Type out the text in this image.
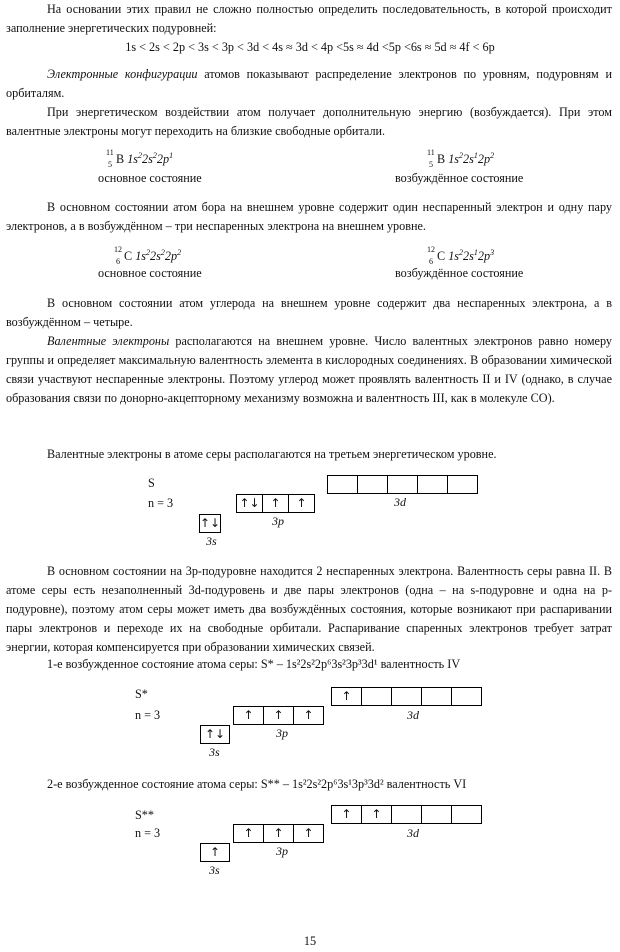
На основании этих правил не сложно полностью определить последовательность, в которой происходит заполнение энергетических подуровней:
1s < 2s < 2p < 3s < 3p < 3d < 4s ≈ 3d < 4p <5s ≈ 4d <5p <6s ≈ 5d ≈ 4f < 6p
Электронные конфигурации атомов показывают распределение электронов по уровням, подуровням и орбиталям.
При энергетическом воздействии атом получает дополнительную энергию (возбуждается). При этом валентные электроны могут переходить на близкие свободные орбитали.
11
5 B $1s^22s^22p^1$
основное состояние
11
5 B $1s^22s^12p^2$
возбуждённое состояние
В основном состоянии атом бора на внешнем уровне содержит один неспаренный электрон и одну пару электронов, а в возбуждённом – три неспаренных электрона на внешнем уровне.
12
6 C $1s^22s^22p^2$
основное состояние
12
6 C $1s^22s^12p^3$
возбуждённое состояние
В основном состоянии атом углерода на внешнем уровне содержит два неспаренных электрона, а в возбуждённом – четыре.
Валентные электроны располагаются на внешнем уровне. Число валентных электронов равно номеру группы и определяет максимальную валентность элемента в кислородных соединениях. В образовании химической связи участвуют неспаренные электроны. Поэтому углерод может проявлять валентность II и IV (однако, в случае образования связи по донорно-акцепторному механизму возможна и валентность III, как в молекуле CO).
Валентные электроны в атоме серы располагаются на третьем энергетическом уровне.
S
n = 3
↑↓
↑↓ ↑	↑
3s
3p
3d
В основном состоянии на 3p-подуровне находится 2 неспаренных электрона. Валентность серы равна II. В атоме серы есть незаполненный 3d-подуровень и две пары электронов (одна – на s-подуровне и одна на p-подуровне), поэтому атом серы может иметь два возбуждённых состояния, которые возникают при распаривании пары электронов и переходе их на свободные орбитали. Распаривание спаренных электронов требует затрат энергии, которая компенсируется при образовании химических связей.
1-е возбужденное состояние атома серы: S* – 1s²2s²2p⁶3s²3p³3d¹ валентность IV
S*
n = 3
↑↓
↑	↑	↑
↑
3s
3p
3d
2-е возбужденное состояние атома серы: S** – 1s²2s²2p⁶3s¹3p³3d² валентность VI
S**
n = 3
↑
↑	↑	↑
↑	↑
3s
3p
3d
15
